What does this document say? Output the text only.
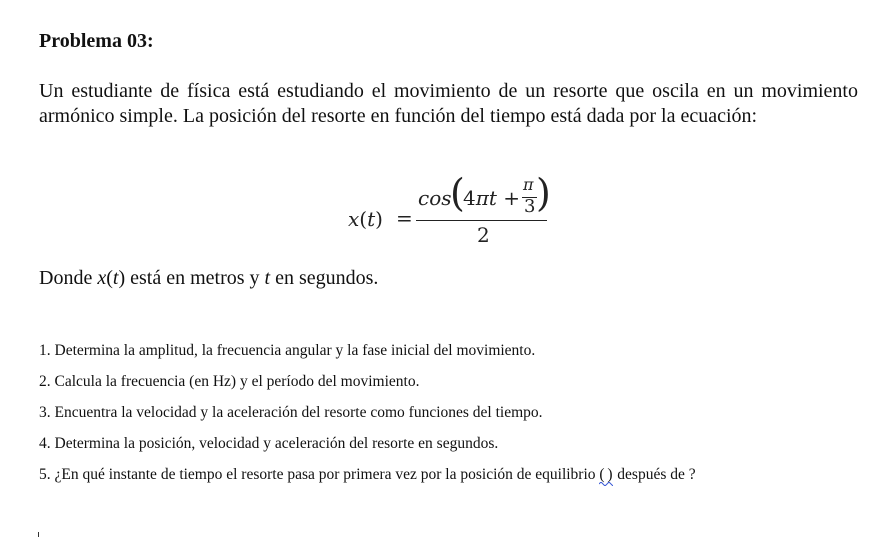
Problema 03:

Un estudiante de física está estudiando el movimiento de un resorte que oscila en un movimiento armónico simple. La posición del resorte en función del tiempo está dada por la ecuación:

x(t) =
cos
(
4πt +
π
3 )
2

Donde x(t) está en metros y t en segundos.

1. Determina la amplitud, la frecuencia angular y la fase inicial del movimiento.
2. Calcula la frecuencia (en Hz) y el período del movimiento.
3. Encuentra la velocidad y la aceleración del resorte como funciones del tiempo.
4. Determina la posición, velocidad y aceleración del resorte en segundos.
5. ¿En qué instante de tiempo el resorte pasa por primera vez por la posición de equilibrio ( ) después de ?
